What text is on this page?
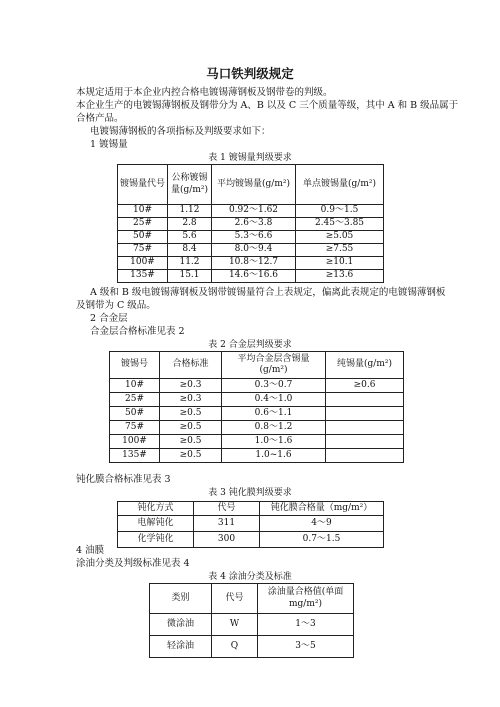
马口铁判级规定
本规定适用于本企业内控合格电镀锡薄钢板及钢带卷的判级。
本企业生产的电镀锡薄钢板及钢带分为 A、B 以及 C 三个质量等级，其中 A 和 B 级品属于
合格产品。
电镀锡薄钢板的各项指标及判级要求如下：
1 镀锡量
表 1 镀锡量判级要求
镀锡量代号	公称镀锡量(g/m²)	平均镀锡量(g/m²)	单点镀锡量(g/m²)
10#	1.12	0.92～1.62	0.9～1.5
25#	2.8	2.6～3.8	2.45～3.85
50#	5.6	5.3～6.6	≥5.05
75#	8.4	8.0～9.4	≥7.55
100#	11.2	10.8～12.7	≥10.1
135#	15.1	14.6～16.6	≥13.6
A 级和 B 级电镀锡薄钢板及钢带镀锡量符合上表规定，偏离此表规定的电镀锡薄钢板
及钢带为 C 级品。
2 合金层
合金层合格标准见表 2
表 2 合金层判级要求
镀锡号	合格标准	平均合金层含锡量(g/m²)	纯锡量(g/m²)
10#	≥0.3	0.3～0.7	≥0.6
25#	≥0.3	0.4～1.0	
50#	≥0.5	0.6～1.1	
75#	≥0.5	0.8～1.2	
100#	≥0.5	1.0～1.6	
135#	≥0.5	1.0~1.6	
钝化膜合格标准见表 3
表 3 钝化膜判级要求
钝化方式	代号	钝化膜合格量（mg/m²）
电解钝化	311	4～9
化学钝化	300	0.7～1.5
4 油膜
涂油分类及判级标准见表 4
表 4 涂油分类及标准
类别	代号	涂油量合格值(单面 mg/m²)
微涂油	W	1～3
轻涂油	Q	3～5
